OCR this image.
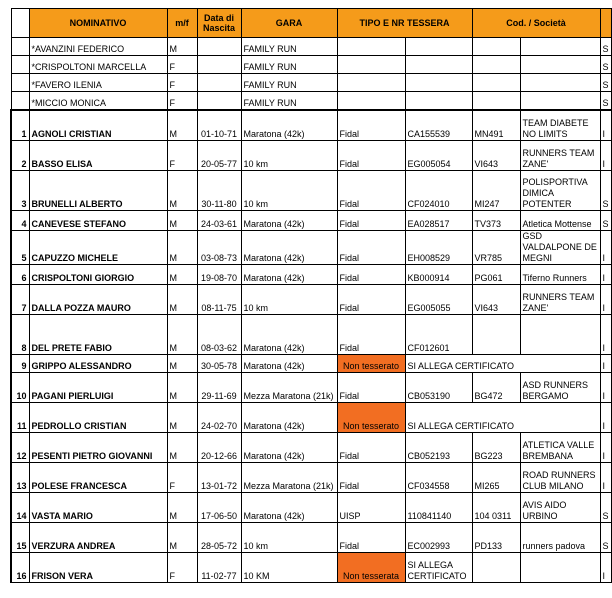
	NOMINATIVO	m/f	Data di Nascita	GARA	TIPO E NR TESSERA		Cod. / Società		
	*AVANZINI FEDERICO	M		FAMILY RUN					S
	*CRISPOLTONI MARCELLA	F		FAMILY RUN					S
	*FAVERO ILENIA	F		FAMILY RUN					S
	*MICCIO MONICA	F		FAMILY RUN					S
1	AGNOLI CRISTIAN	M	01-10-71	Maratona (42k)	Fidal	CA155539	MN491	TEAM DIABETE NO LIMITS	I
2	BASSO ELISA	F	20-05-77	10 km	Fidal	EG005054	VI643	RUNNERS TEAM ZANE'	I
3	BRUNELLI ALBERTO	M	30-11-80	10 km	Fidal	CF024010	MI247	POLISPORTIVA DIMICA POTENTER	S
4	CANEVESE STEFANO	M	24-03-61	Maratona (42k)	Fidal	EA028517	TV373	Atletica Mottense	S
5	CAPUZZO MICHELE	M	03-08-73	Maratona (42k)	Fidal	EH008529	VR785	GSD VALDALPONE DE MEGNI	I
6	CRISPOLTONI GIORGIO	M	19-08-70	Maratona (42k)	Fidal	KB000914	PG061	Tiferno Runners	I
7	DALLA POZZA MAURO	M	08-11-75	10 km	Fidal	EG005055	VI643	RUNNERS TEAM ZANE'	I
8	DEL PRETE FABIO	M	08-03-62	Maratona (42k)	Fidal	CF012601			I
9	GRIPPO ALESSANDRO	M	30-05-78	Maratona (42k)	Non tesserato	SI ALLEGA CERTIFICATO			I
10	PAGANI PIERLUIGI	M	29-11-69	Mezza Maratona (21k)	Fidal	CB053190	BG472	ASD RUNNERS BERGAMO	I
11	PEDROLLO CRISTIAN	M	24-02-70	Maratona (42k)	Non tesserato	SI ALLEGA CERTIFICATO			I
12	PESENTI PIETRO GIOVANNI	M	20-12-66	Maratona (42k)	Fidal	CB052193	BG223	ATLETICA VALLE BREMBANA	I
13	POLESE FRANCESCA	F	13-01-72	Mezza Maratona (21k)	Fidal	CF034558	MI265	ROAD RUNNERS CLUB MILANO	I
14	VASTA MARIO	M	17-06-50	Maratona (42k)	UISP	110841140	104 0311	AVIS AIDO URBINO	S
15	VERZURA ANDREA	M	28-05-72	10 km	Fidal	EC002993	PD133	runners padova	S
16	FRISON VERA	F	11-02-77	10 KM	Non tesserata	SI ALLEGA CERTIFICATO			I
